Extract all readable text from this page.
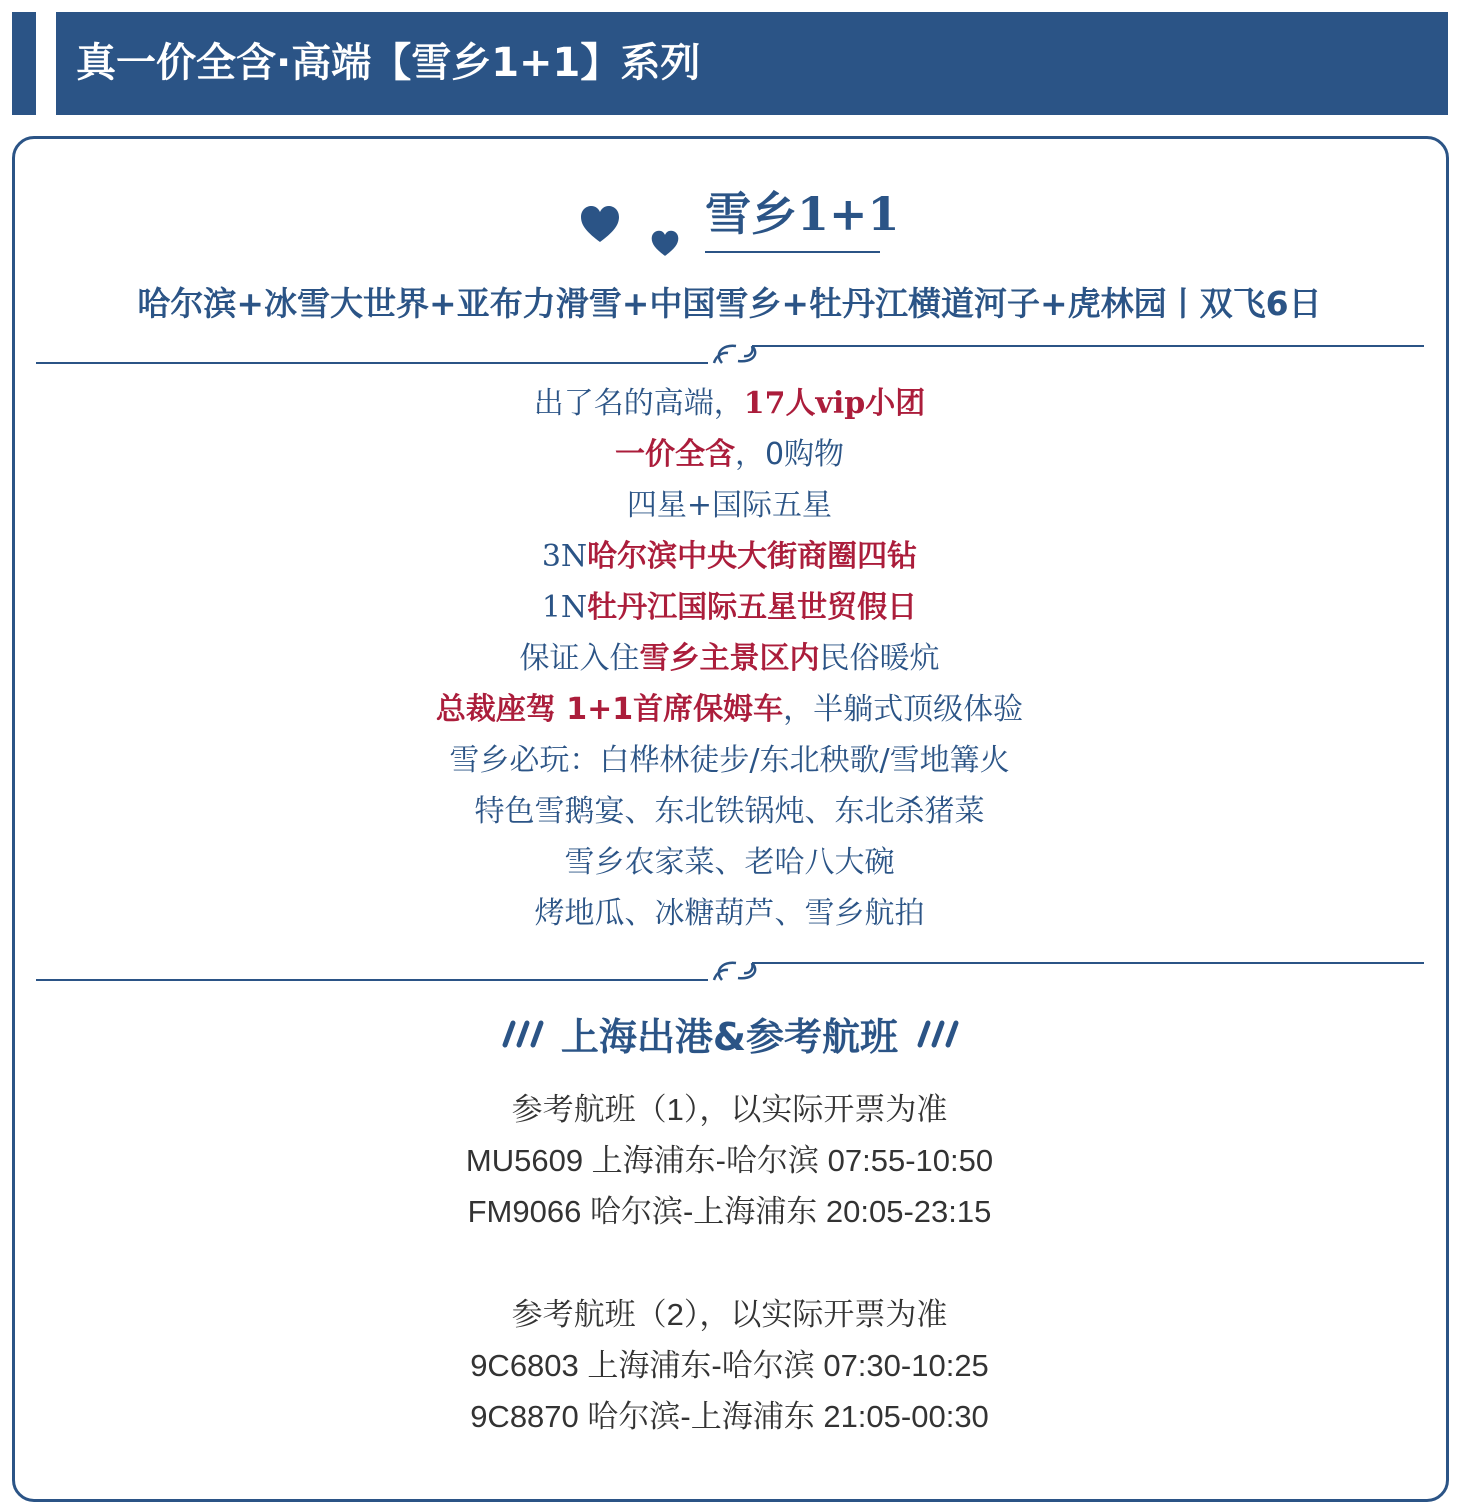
真一价全含·高端【雪乡1+1】系列
雪乡1+1
哈尔滨+冰雪大世界+亚布力滑雪+中国雪乡+牡丹江横道河子+虎林园丨双飞6日
出了名的高端，17人vip小团
一价全含，0购物
四星+国际五星
3N哈尔滨中央大街商圈四钻
1N牡丹江国际五星世贸假日
保证入住雪乡主景区内民俗暖炕
总裁座驾 1+1首席保姆车，半躺式顶级体验
雪乡必玩：白桦林徒步/东北秧歌/雪地篝火
特色雪鹅宴、东北铁锅炖、东北杀猪菜
雪乡农家菜、老哈八大碗
烤地瓜、冰糖葫芦、雪乡航拍
上海出港&参考航班
参考航班（1），以实际开票为准
MU5609 上海浦东-哈尔滨 07:55-10:50
FM9066 哈尔滨-上海浦东 20:05-23:15
参考航班（2），以实际开票为准
9C6803 上海浦东-哈尔滨 07:30-10:25
9C8870 哈尔滨-上海浦东 21:05-00:30
